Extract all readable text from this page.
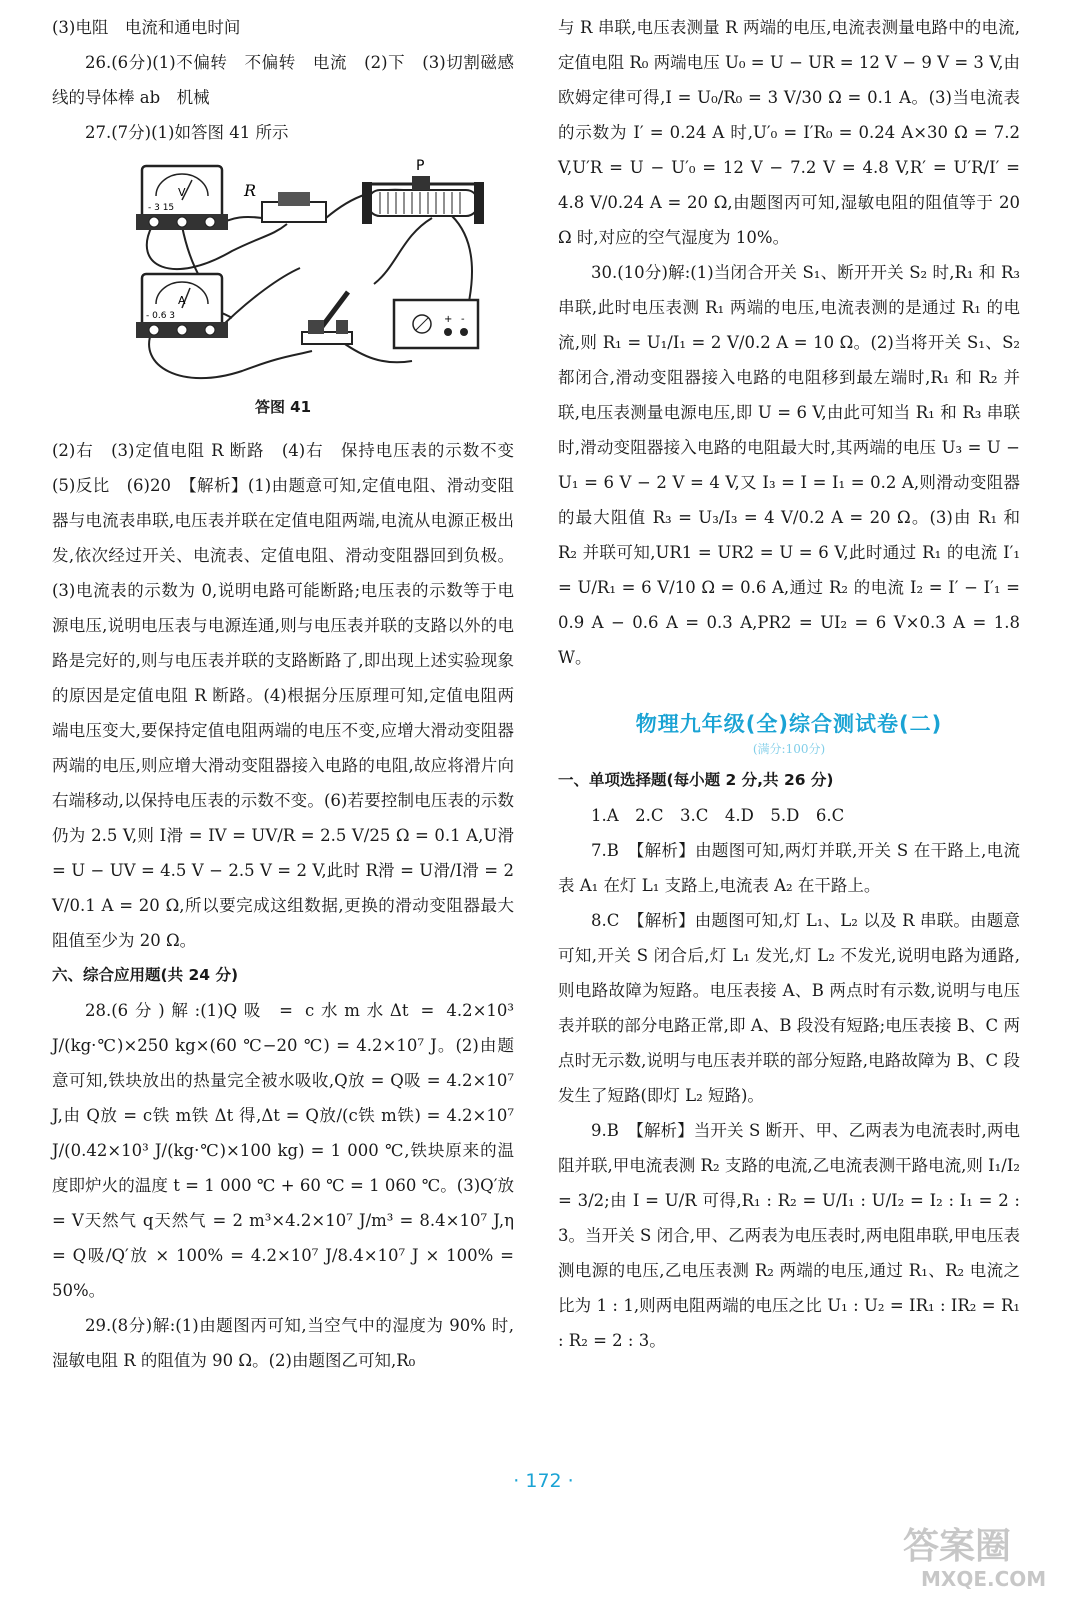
(3)电阻　电流和通电时间

26.(6分)(1)不偏转　不偏转　电流　(2)下　(3)切割磁感线的导体棒 ab　机械

27.(7分)(1)如答图 41 所示

V
- 3 15
R
P
A
- 0.6 3	+ -
答图 41

(2)右　(3)定值电阻 R 断路　(4)右　保持电压表的示数不变　(5)反比　(6)20　【解析】(1)由题意可知,定值电阻、滑动变阻器与电流表串联,电压表并联在定值电阻两端,电流从电源正极出发,依次经过开关、电流表、定值电阻、滑动变阻器回到负极。(3)电流表的示数为 0,说明电路可能断路;电压表的示数等于电源电压,说明电压表与电源连通,则与电压表并联的支路以外的电路是完好的,则与电压表并联的支路断路了,即出现上述实验现象的原因是定值电阻 R 断路。(4)根据分压原理可知,定值电阻两端电压变大,要保持定值电阻两端的电压不变,应增大滑动变阻器两端的电压,则应增大滑动变阻器接入电路的电阻,故应将滑片向右端移动,以保持电压表的示数不变。(6)若要控制电压表的示数仍为 2.5 V,则 I滑 = IV = UV/R = 2.5 V/25 Ω = 0.1 A,U滑 = U − UV = 4.5 V − 2.5 V = 2 V,此时 R滑 = U滑/I滑 = 2 V/0.1 A = 20 Ω,所以要完成这组数据,更换的滑动变阻器最大阻值至少为 20 Ω。

六、综合应用题(共 24 分)

28.(6分)解:(1)Q吸 = c水m水Δt = 4.2×10³ J/(kg·℃)×250 kg×(60 ℃−20 ℃) = 4.2×10⁷ J。(2)由题意可知,铁块放出的热量完全被水吸收,Q放 = Q吸 = 4.2×10⁷ J,由 Q放 = c铁 m铁 Δt 得,Δt = Q放/(c铁 m铁) = 4.2×10⁷ J/(0.42×10³ J/(kg·℃)×100 kg) = 1 000 ℃,铁块原来的温度即炉火的温度 t = 1 000 ℃ + 60 ℃ = 1 060 ℃。(3)Q′放 = V天然气 q天然气 = 2 m³×4.2×10⁷ J/m³ = 8.4×10⁷ J,η = Q吸/Q′放 × 100% = 4.2×10⁷ J/8.4×10⁷ J × 100% = 50%。

29.(8分)解:(1)由题图丙可知,当空气中的湿度为 90% 时,湿敏电阻 R 的阻值为 90 Ω。(2)由题图乙可知,R₀

与 R 串联,电压表测量 R 两端的电压,电流表测量电路中的电流,定值电阻 R₀ 两端电压 U₀ = U − UR = 12 V − 9 V = 3 V,由欧姆定律可得,I = U₀/R₀ = 3 V/30 Ω = 0.1 A。(3)当电流表的示数为 I′ = 0.24 A 时,U′₀ = I′R₀ = 0.24 A×30 Ω = 7.2 V,U′R = U − U′₀ = 12 V − 7.2 V = 4.8 V,R′ = U′R/I′ = 4.8 V/0.24 A = 20 Ω,由题图丙可知,湿敏电阻的阻值等于 20 Ω 时,对应的空气湿度为 10%。

30.(10分)解:(1)当闭合开关 S₁、断开开关 S₂ 时,R₁ 和 R₃ 串联,此时电压表测 R₁ 两端的电压,电流表测的是通过 R₁ 的电流,则 R₁ = U₁/I₁ = 2 V/0.2 A = 10 Ω。(2)当将开关 S₁、S₂ 都闭合,滑动变阻器接入电路的电阻移到最左端时,R₁ 和 R₂ 并联,电压表测量电源电压,即 U = 6 V,由此可知当 R₁ 和 R₃ 串联时,滑动变阻器接入电路的电阻最大时,其两端的电压 U₃ = U − U₁ = 6 V − 2 V = 4 V,又 I₃ = I = I₁ = 0.2 A,则滑动变阻器的最大阻值 R₃ = U₃/I₃ = 4 V/0.2 A = 20 Ω。(3)由 R₁ 和 R₂ 并联可知,UR1 = UR2 = U = 6 V,此时通过 R₁ 的电流 I′₁ = U/R₁ = 6 V/10 Ω = 0.6 A,通过 R₂ 的电流 I₂ = I′ − I′₁ = 0.9 A − 0.6 A = 0.3 A,PR2 = UI₂ = 6 V×0.3 A = 1.8 W。

物理九年级(全)综合测试卷(二)
(满分:100分)

一、单项选择题(每小题 2 分,共 26 分)

1.A　2.C　3.C　4.D　5.D　6.C

7.B　【解析】由题图可知,两灯并联,开关 S 在干路上,电流表 A₁ 在灯 L₁ 支路上,电流表 A₂ 在干路上。

8.C　【解析】由题图可知,灯 L₁、L₂ 以及 R 串联。由题意可知,开关 S 闭合后,灯 L₁ 发光,灯 L₂ 不发光,说明电路为通路,则电路故障为短路。电压表接 A、B 两点时有示数,说明与电压表并联的部分电路正常,即 A、B 段没有短路;电压表接 B、C 两点时无示数,说明与电压表并联的部分短路,电路故障为 B、C 段发生了短路(即灯 L₂ 短路)。

9.B　【解析】当开关 S 断开、甲、乙两表为电流表时,两电阻并联,甲电流表测 R₂ 支路的电流,乙电流表测干路电流,则 I₁/I₂ = 3/2;由 I = U/R 可得,R₁ : R₂ = U/I₁ : U/I₂ = I₂ : I₁ = 2 : 3。当开关 S 闭合,甲、乙两表为电压表时,两电阻串联,甲电压表测电源的电压,乙电压表测 R₂ 两端的电压,通过 R₁、R₂ 电流之比为 1 : 1,则两电阻两端的电压之比 U₁ : U₂ = IR₁ : IR₂ = R₁ : R₂ = 2 : 3。

· 172 ·
答案圈
MXQE.COM
